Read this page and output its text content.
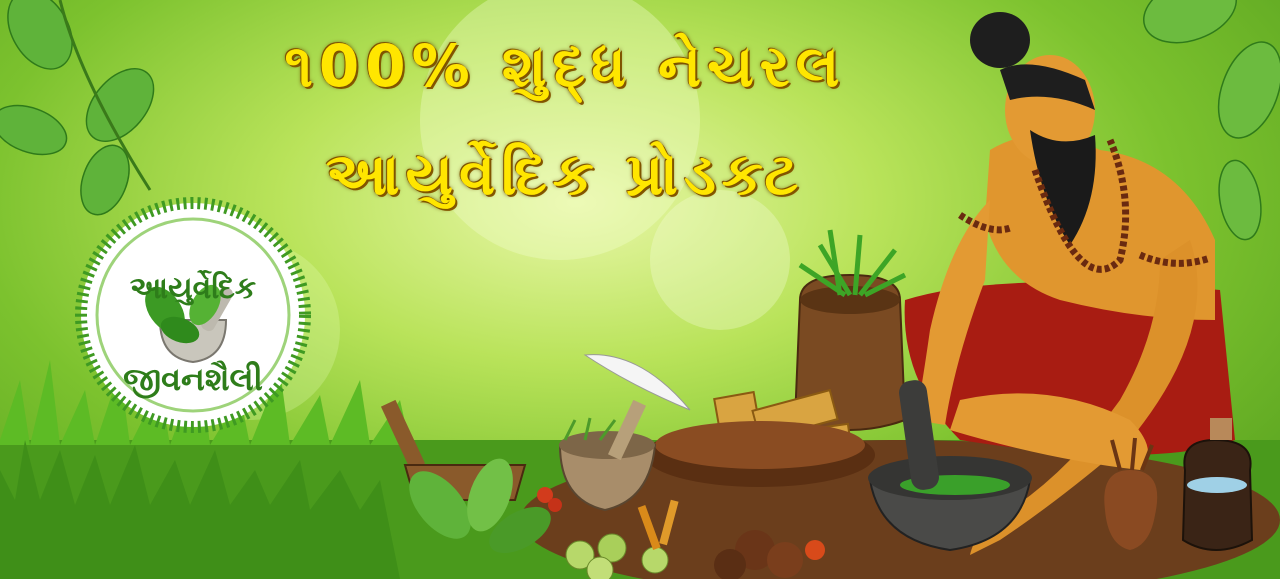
આયુર્વેદિક
જીવનશૈલી
૧00% શુદ્ધ નેચરલ
આયુર્વેદિક પ્રોડક્ટ
